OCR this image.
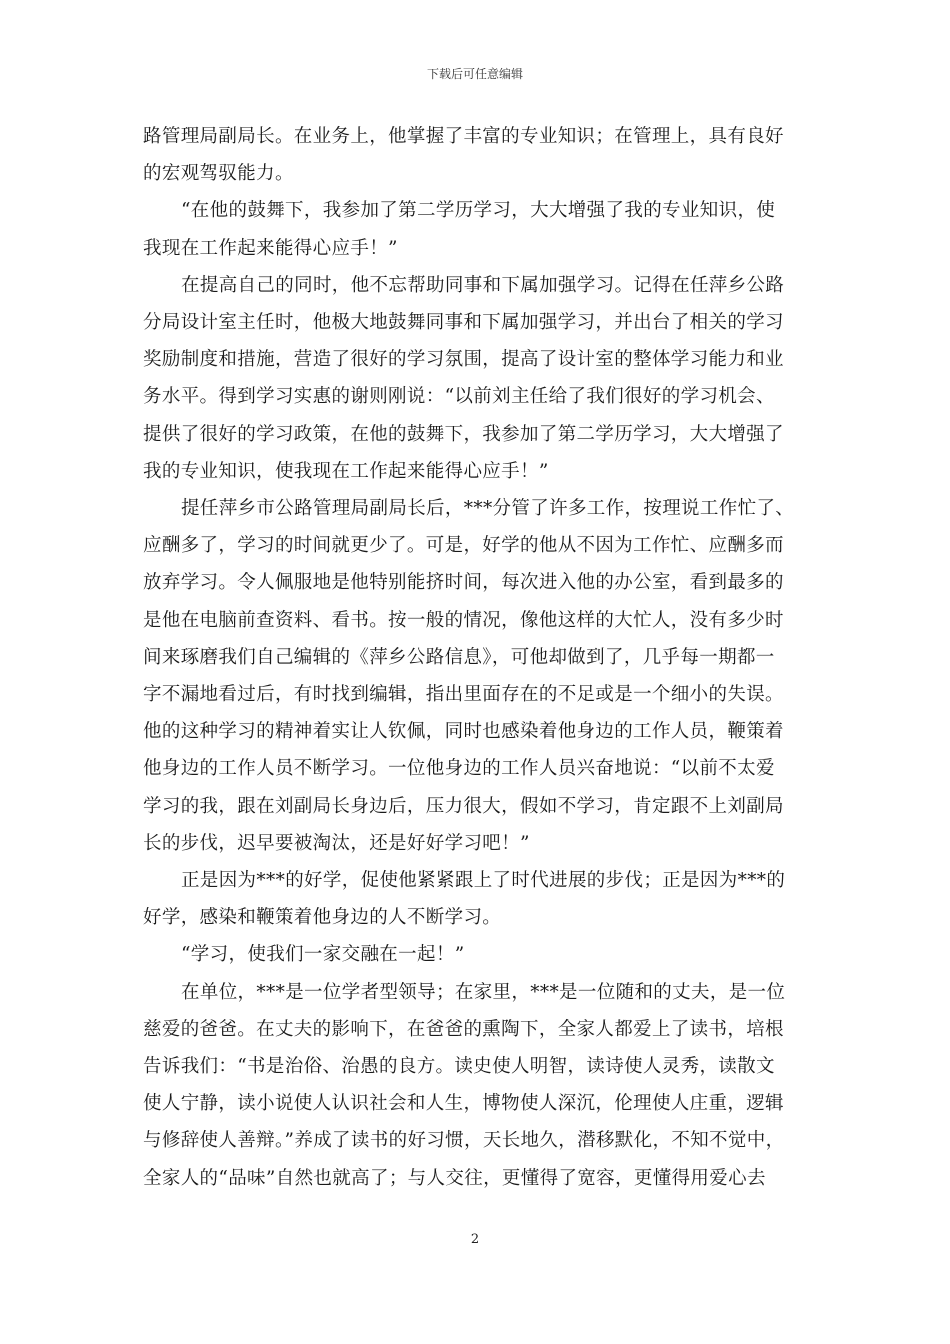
下载后可任意编辑

路管理局副局长。在业务上，他掌握了丰富的专业知识；在管理上，具有良好
的宏观驾驭能力。

“在他的鼓舞下，我参加了第二学历学习，大大增强了我的专业知识，使
我现在工作起来能得心应手！”

在提高自己的同时，他不忘帮助同事和下属加强学习。记得在任萍乡公路
分局设计室主任时，他极大地鼓舞同事和下属加强学习，并出台了相关的学习
奖励制度和措施，营造了很好的学习氛围，提高了设计室的整体学习能力和业
务水平。得到学习实惠的谢则刚说：“以前刘主任给了我们很好的学习机会、
提供了很好的学习政策，在他的鼓舞下，我参加了第二学历学习，大大增强了
我的专业知识，使我现在工作起来能得心应手！”

提任萍乡市公路管理局副局长后，***分管了许多工作，按理说工作忙了、
应酬多了，学习的时间就更少了。可是，好学的他从不因为工作忙、应酬多而
放弃学习。令人佩服地是他特别能挤时间，每次进入他的办公室，看到最多的
是他在电脑前查资料、看书。按一般的情况，像他这样的大忙人，没有多少时
间来琢磨我们自己编辑的《萍乡公路信息》，可他却做到了，几乎每一期都一
字不漏地看过后，有时找到编辑，指出里面存在的不足或是一个细小的失误。
他的这种学习的精神着实让人钦佩，同时也感染着他身边的工作人员，鞭策着
他身边的工作人员不断学习。一位他身边的工作人员兴奋地说：“以前不太爱
学习的我，跟在刘副局长身边后，压力很大，假如不学习，肯定跟不上刘副局
长的步伐，迟早要被淘汰，还是好好学习吧！”

正是因为***的好学，促使他紧紧跟上了时代进展的步伐；正是因为***的
好学，感染和鞭策着他身边的人不断学习。

“学习，使我们一家交融在一起！”

在单位，***是一位学者型领导；在家里，***是一位随和的丈夫，是一位
慈爱的爸爸。在丈夫的影响下，在爸爸的熏陶下，全家人都爱上了读书，培根
告诉我们：“书是治俗、治愚的良方。读史使人明智，读诗使人灵秀，读散文
使人宁静，读小说使人认识社会和人生，博物使人深沉，伦理使人庄重，逻辑
与修辞使人善辩。”养成了读书的好习惯，天长地久，潜移默化，不知不觉中，
全家人的“品味”自然也就高了；与人交往，更懂得了宽容，更懂得用爱心去

2
